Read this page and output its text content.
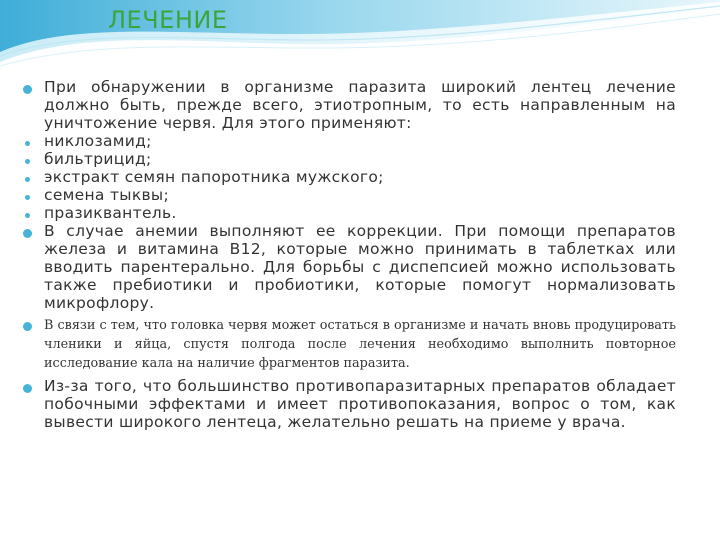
ЛЕЧЕНИЕ
При обнаружении в организме паразита широкий лентец лечение должно быть, прежде всего, этиотропным, то есть направленным на уничтожение червя. Для этого применяют:
никлозамид;
бильтрицид;
экстракт семян папоротника мужского;
семена тыквы;
празиквантель.
В случае анемии выполняют ее коррекции. При помощи препаратов железа и витамина В12, которые можно принимать в таблетках или вводить парентерально. Для борьбы с диспепсией можно использовать также пребиотики и пробиотики, которые помогут нормализовать микрофлору.
В связи с тем, что головка червя может остаться в организме и начать вновь продуцировать членики и яйца, спустя полгода после лечения необходимо выполнить повторное исследование кала на наличие фрагментов паразита.
Из-за того, что большинство противопаразитарных препаратов обладает побочными эффектами и имеет противопоказания, вопрос о том, как вывести широкого лентеца, желательно решать на приеме у врача.
